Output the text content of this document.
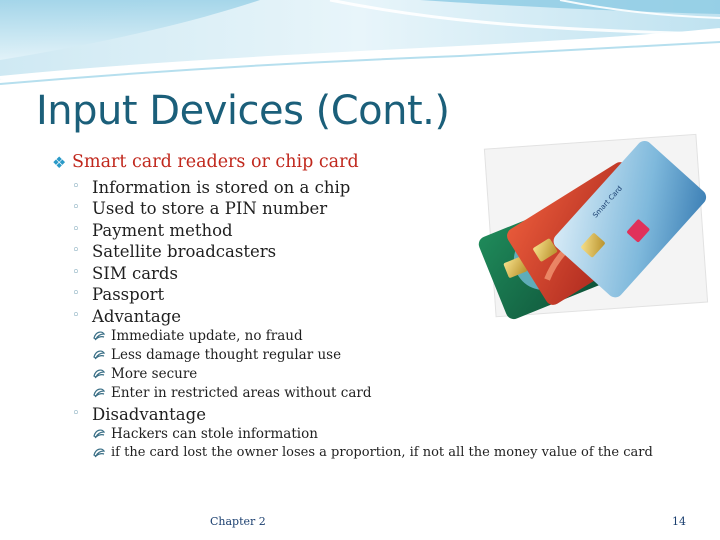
Input Devices (Cont.)
Smart Card
❖ Smart card readers or chip card
◦ Information is stored on a chip
◦ Used to store a PIN number
◦ Payment method
◦ Satellite broadcasters
◦ SIM cards
◦ Passport
◦ Advantage
Immediate update, no fraud
Less damage thought regular use
More secure
Enter in restricted areas without card
◦ Disadvantage
Hackers can stole information
if the card lost the owner loses a proportion, if not all the money value of the card
Chapter 2	14
